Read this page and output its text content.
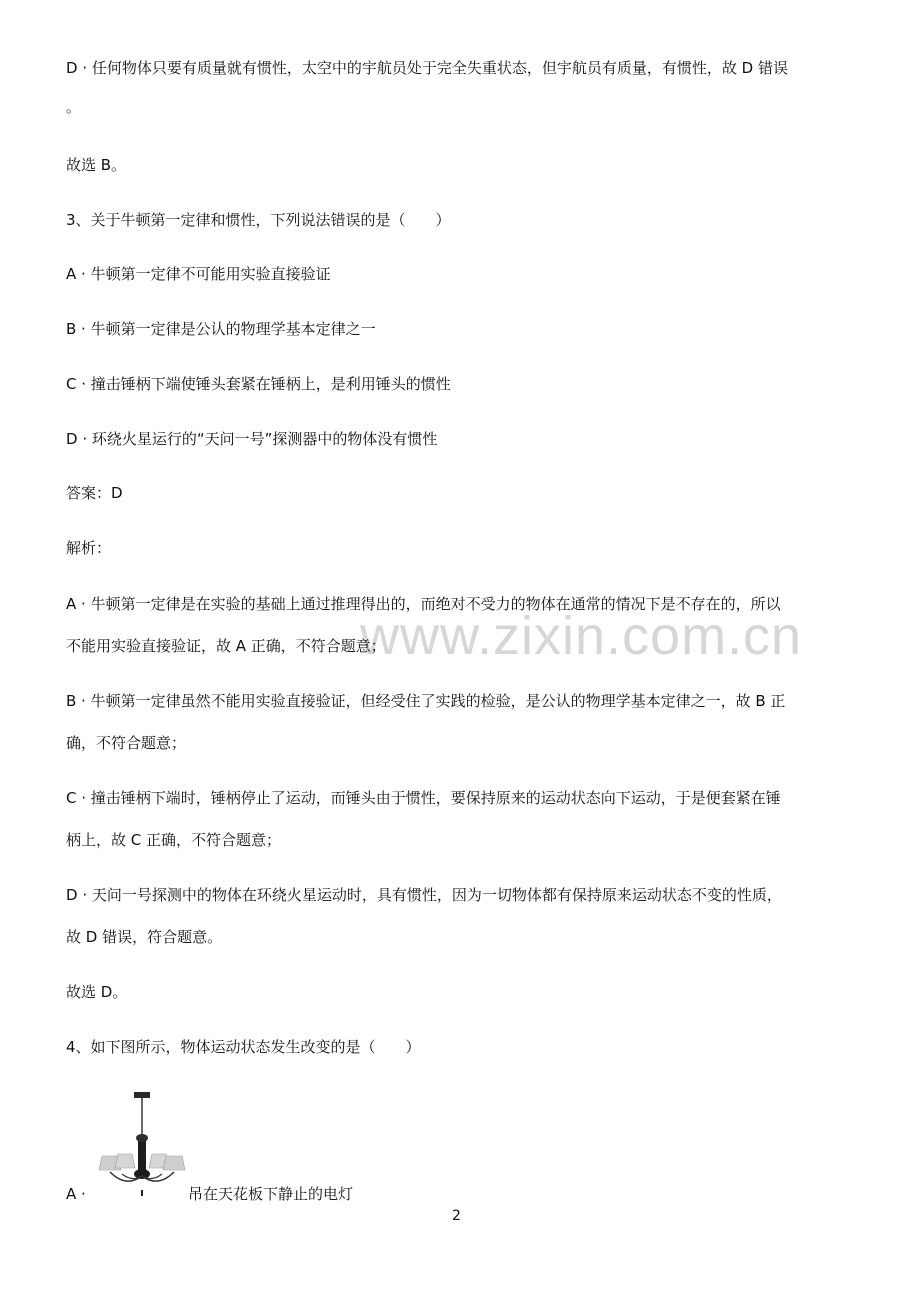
www.zixin.com.cn
D · 任何物体只要有质量就有惯性，太空中的宇航员处于完全失重状态，但宇航员有质量，有惯性，故 D 错误
。
故选 B。
3、关于牛顿第一定律和惯性，下列说法错误的是（　　）
A · 牛顿第一定律不可能用实验直接验证
B · 牛顿第一定律是公认的物理学基本定律之一
C · 撞击锤柄下端使锤头套紧在锤柄上，是利用锤头的惯性
D · 环绕火星运行的“天问一号”探测器中的物体没有惯性
答案：D
解析：
A · 牛顿第一定律是在实验的基础上通过推理得出的，而绝对不受力的物体在通常的情况下是不存在的，所以
不能用实验直接验证，故 A 正确，不符合题意；
B · 牛顿第一定律虽然不能用实验直接验证，但经受住了实践的检验，是公认的物理学基本定律之一，故 B 正
确，不符合题意；
C · 撞击锤柄下端时，锤柄停止了运动，而锤头由于惯性，要保持原来的运动状态向下运动，于是便套紧在锤
柄上，故 C 正确，不符合题意；
D · 天问一号探测中的物体在环绕火星运动时，具有惯性，因为一切物体都有保持原来运动状态不变的性质，
故 D 错误，符合题意。
故选 D。
4、如下图所示，物体运动状态发生改变的是（　　）
A ·	吊在天花板下静止的电灯
2
